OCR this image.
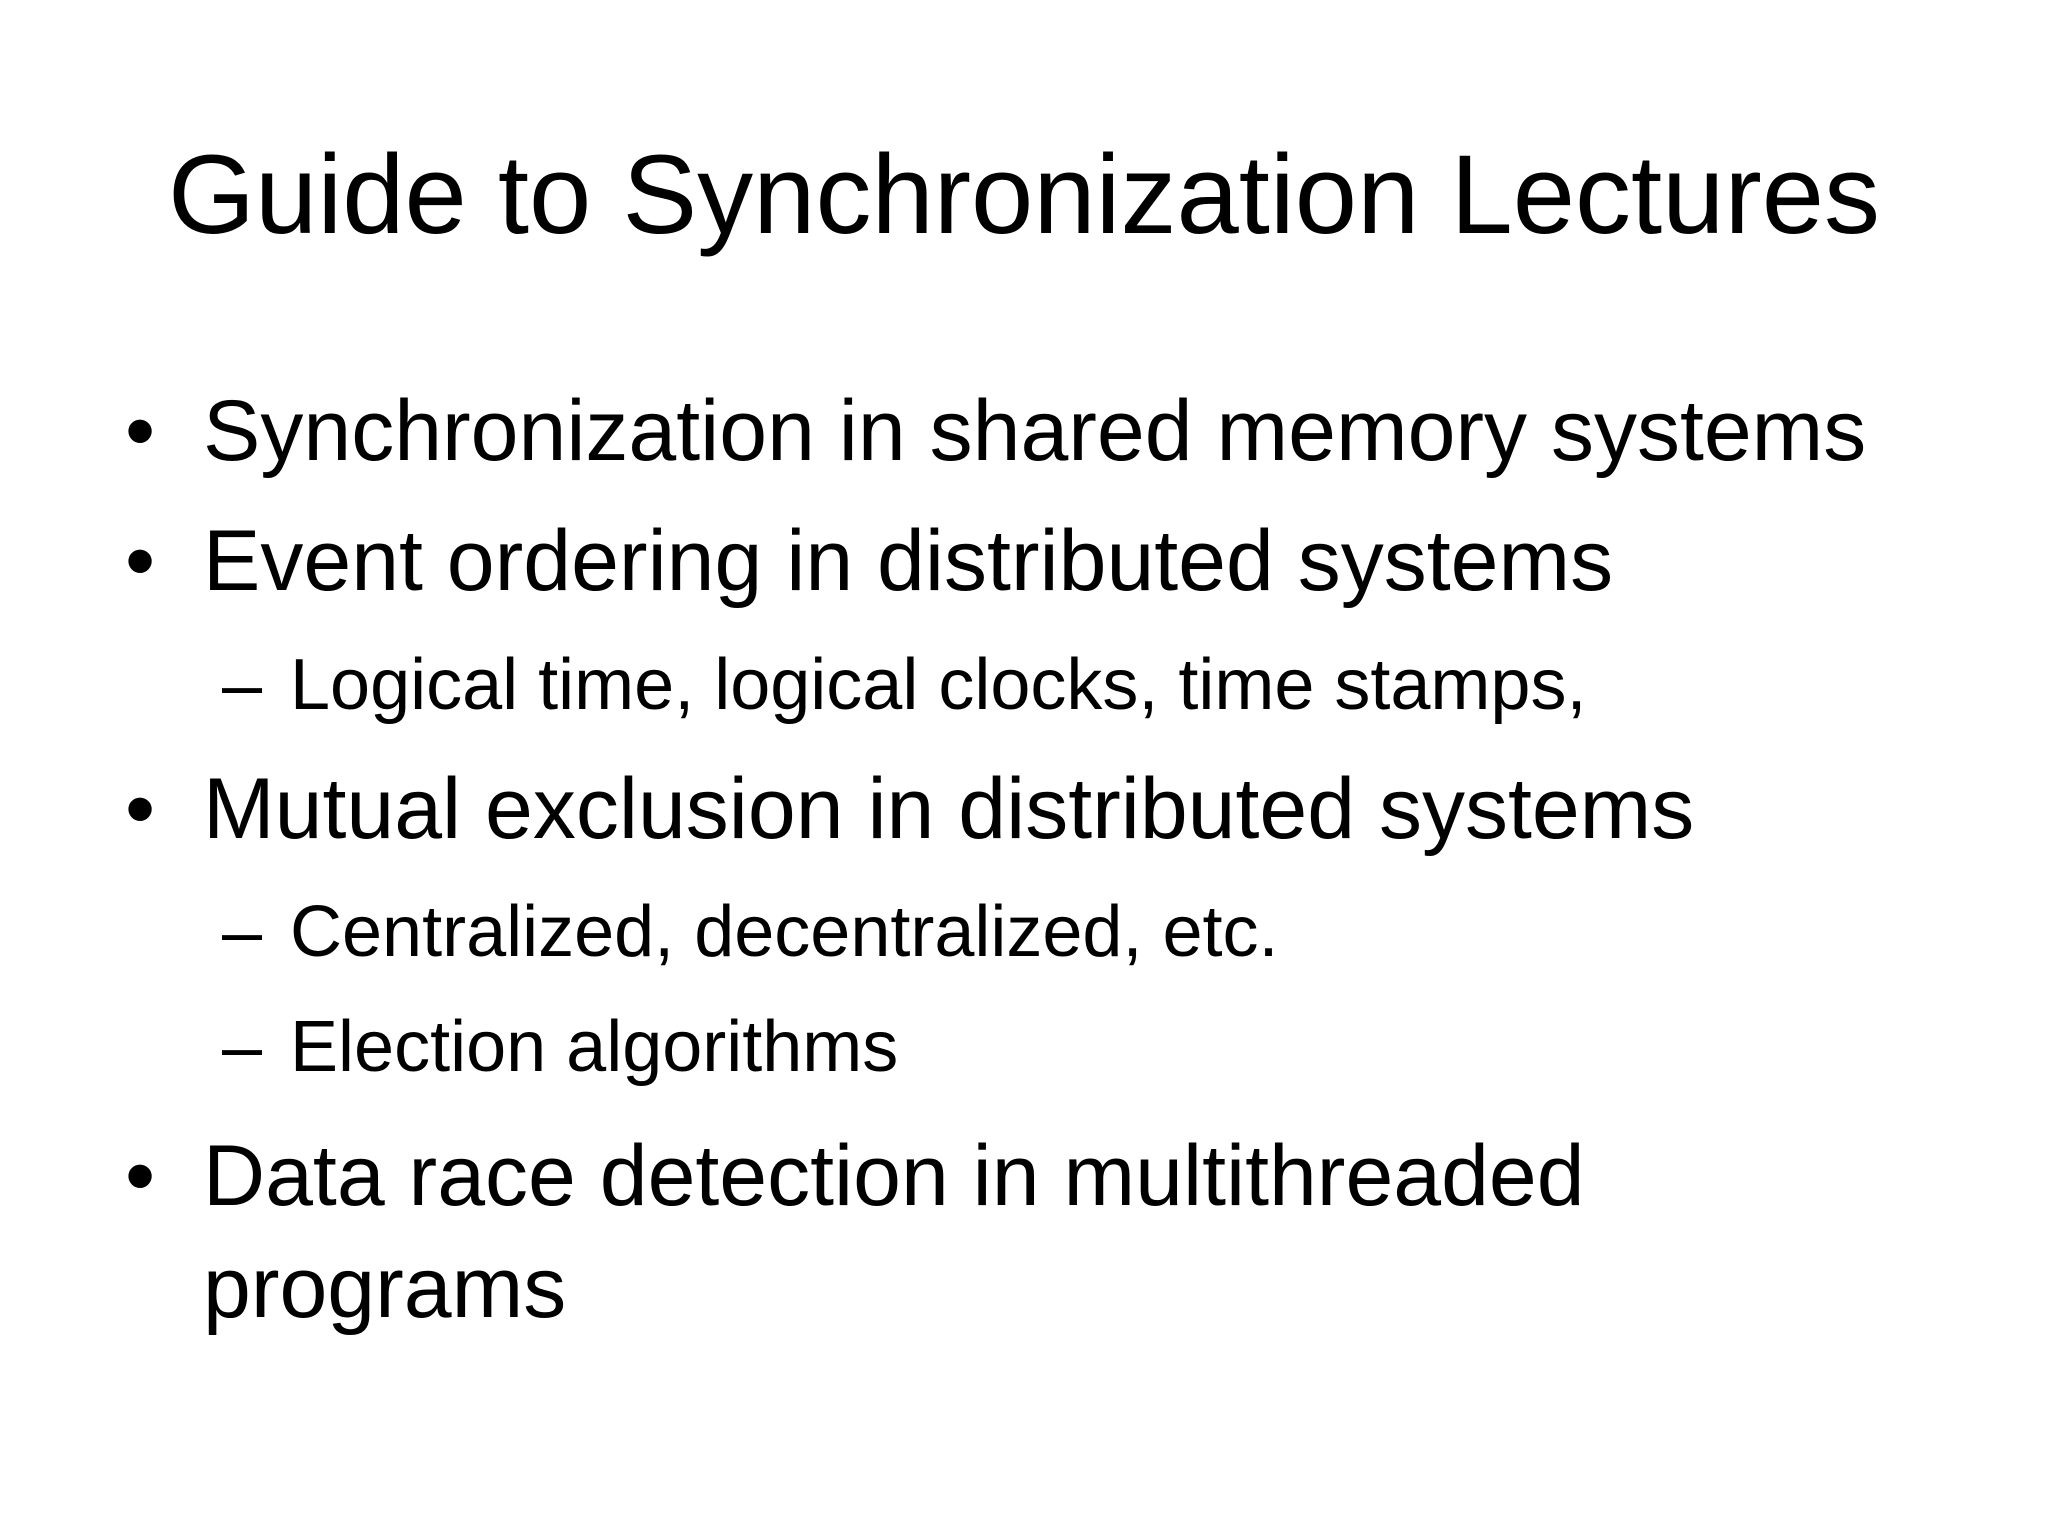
Guide to Synchronization Lectures
• Synchronization in shared memory systems
• Event ordering in distributed systems
– Logical time, logical clocks, time stamps,
• Mutual exclusion in distributed systems
– Centralized, decentralized, etc.
– Election algorithms
• Data race detection in multithreaded programs
